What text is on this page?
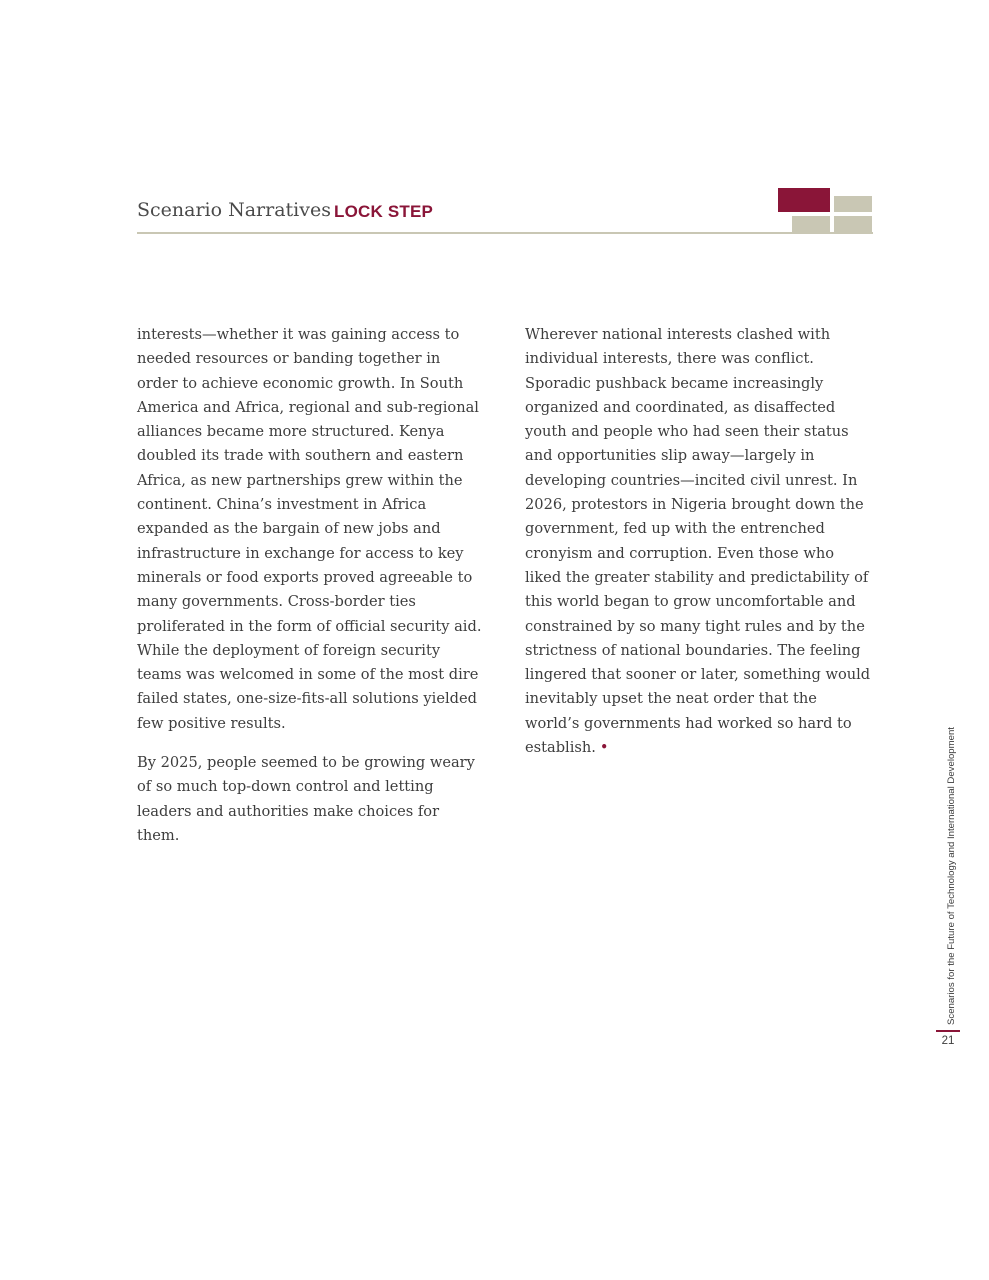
Scenario Narratives LOCK STEP

interests—whether it was gaining access to needed resources or banding together in order to achieve economic growth. In South America and Africa, regional and sub-regional alliances became more structured. Kenya doubled its trade with southern and eastern Africa, as new partnerships grew within the continent. China’s investment in Africa expanded as the bargain of new jobs and infrastructure in exchange for access to key minerals or food exports proved agreeable to many governments. Cross-border ties proliferated in the form of official security aid. While the deployment of foreign security teams was welcomed in some of the most dire failed states, one-size-fits-all solutions yielded few positive results.

By 2025, people seemed to be growing weary of so much top-down control and letting leaders and authorities make choices for them.

Wherever national interests clashed with individual interests, there was conflict. Sporadic pushback became increasingly organized and coordinated, as disaffected youth and people who had seen their status and opportunities slip away—largely in developing countries—incited civil unrest. In 2026, protestors in Nigeria brought down the government, fed up with the entrenched cronyism and corruption. Even those who liked the greater stability and predictability of this world began to grow uncomfortable and constrained by so many tight rules and by the strictness of national boundaries. The feeling lingered that sooner or later, something would inevitably upset the neat order that the world’s governments had worked so hard to establish. •	Scenarios for the Future of Technology and International Development
21
